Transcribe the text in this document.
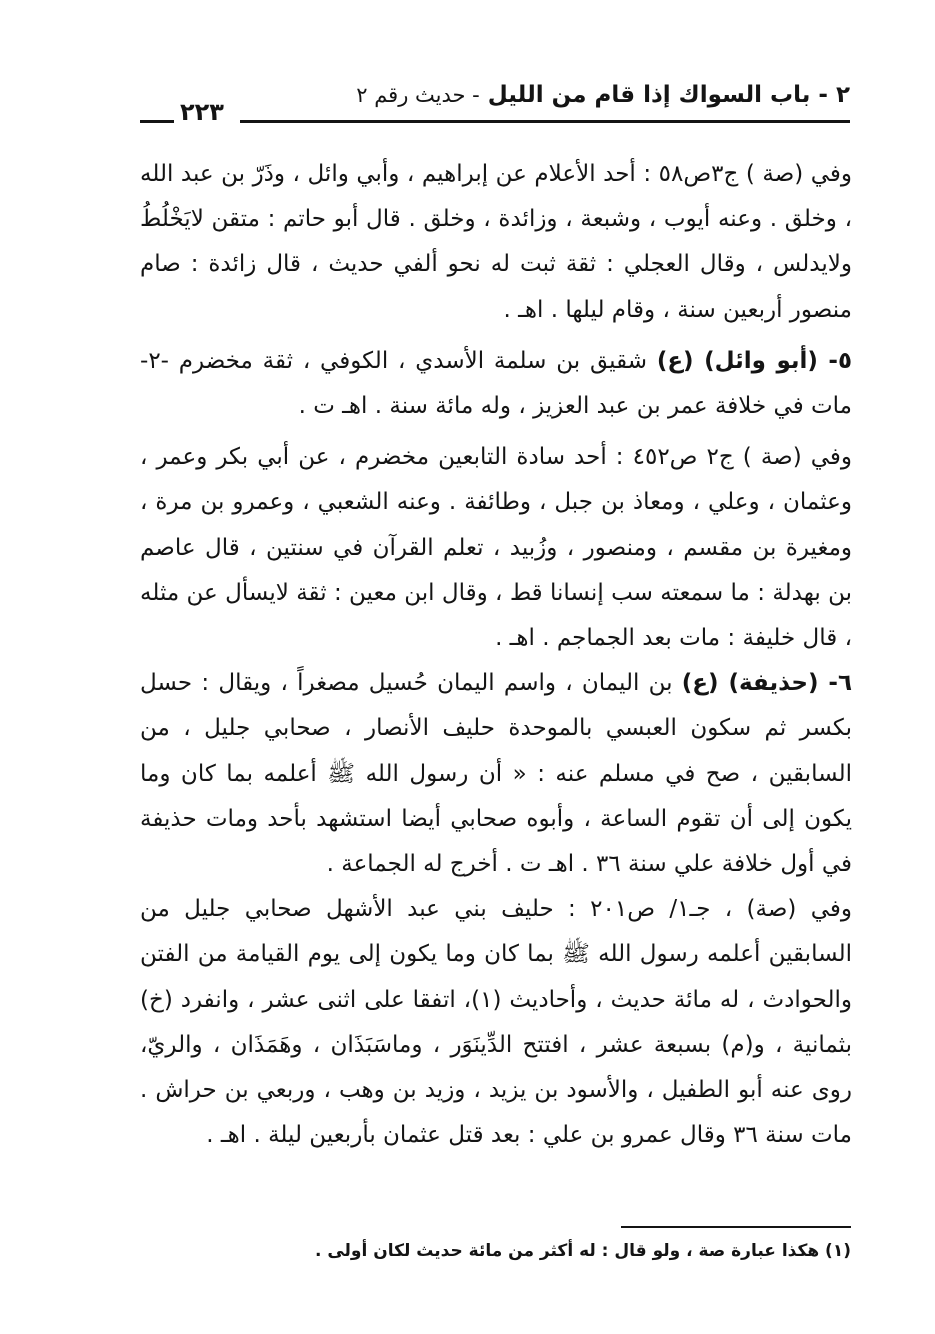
٢ - باب السواك إذا قام من الليل - حديث رقم ٢
٢٢٣

وفي (صة ) ج٣ص٥٨ : أحد الأعلام عن إبراهيم ، وأبي وائل ، وذَرّ بن عبد الله ، وخلق . وعنه أيوب ، وشبعة ، وزائدة ، وخلق . قال أبو حاتم : متقن لايَخْلُطُ ولايدلس ، وقال العجلي : ثقة ثبت له نحو ألفي حديث ، قال زائدة : صام منصور أربعين سنة ، وقام ليلها . اهـ .

٥- (أبو وائل) (ع) شقيق بن سلمة الأسدي ، الكوفي ، ثقة مخضرم -٢- مات في خلافة عمر بن عبد العزيز ، وله مائة سنة . اهـ ت .

وفي (صة ) ج٢ ص٤٥٢ : أحد سادة التابعين مخضرم ، عن أبي بكر وعمر ، وعثمان ، وعلي ، ومعاذ بن جبل ، وطائفة . وعنه الشعبي ، وعمرو بن مرة ، ومغيرة بن مقسم ، ومنصور ، وزُبيد ، تعلم القرآن في سنتين ، قال عاصم بن بهدلة : ما سمعته سب إنسانا قط ، وقال ابن معين : ثقة لايسأل عن مثله ، قال خليفة : مات بعد الجماجم . اهـ .

٦- (حذيفة) (ع) بن اليمان ، واسم اليمان حُسيل مصغراً ، ويقال : حسل بكسر ثم سكون العبسي بالموحدة حليف الأنصار ، صحابي جليل ، من السابقين ، صح في مسلم عنه : « أن رسول الله ﷺ أعلمه بما كان وما يكون إلى أن تقوم الساعة ، وأبوه صحابي أيضا استشهد بأحد ومات حذيفة في أول خلافة علي سنة ٣٦ . اهـ ت . أخرج له الجماعة .

وفي (صة) ، جـ١/ ص٢٠١ : حليف بني عبد الأشهل صحابي جليل من السابقين أعلمه رسول الله ﷺ بما كان وما يكون إلى يوم القيامة من الفتن والحوادث ، له مائة حديث ، وأحاديث (١)، اتفقا على اثنى عشر ، وانفرد (خ) بثمانية ، و(م) بسبعة عشر ، افتتح الدِّينَوَر ، وماسَبَذَان ، وهَمَذَان ، والريّ، روى عنه أبو الطفيل ، والأسود بن يزيد ، وزيد بن وهب ، وربعي بن حراش . مات سنة ٣٦ وقال عمرو بن علي : بعد قتل عثمان بأربعين ليلة . اهـ .

(١) هكذا عبارة صة ، ولو قال : له أكثر من مائة حديث لكان أولى .
